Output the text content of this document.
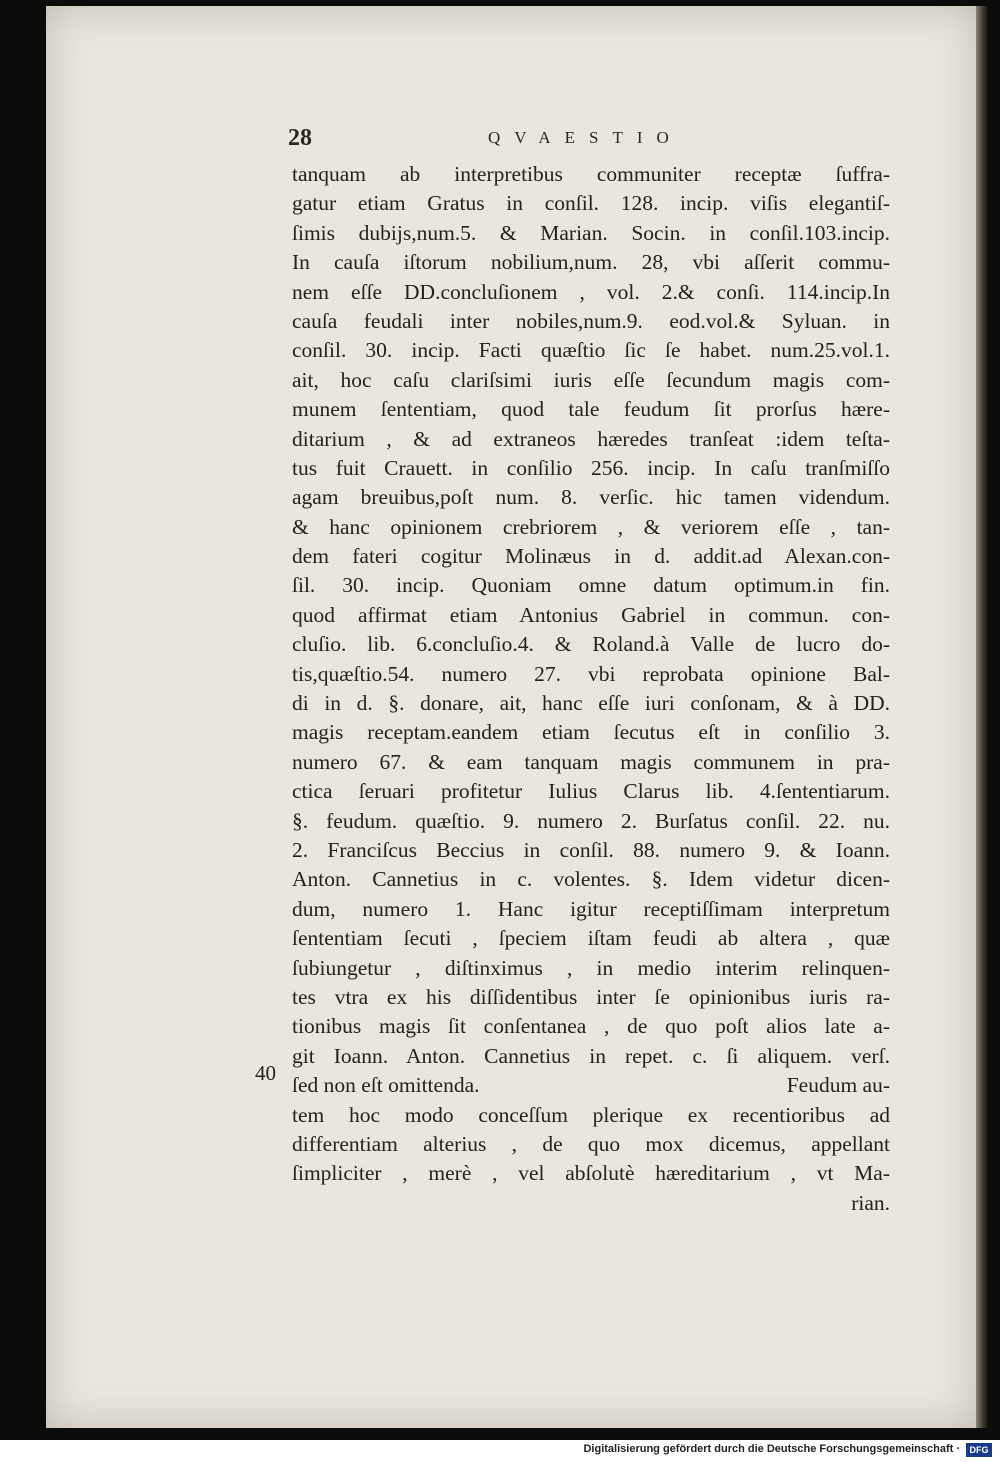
28	QVAESTIO
40
tanquam ab interpretibus communiter receptæ ſuffra-
gatur etiam Gratus in conſil. 128. incip. viſis elegantiſ-
ſimis dubijs,num.5. & Marian. Socin. in conſil.103.incip.
In cauſa iſtorum nobilium,num. 28, vbi aſſerit commu-
nem eſſe DD.concluſionem , vol. 2.& conſi. 114.incip.In
cauſa feudali inter nobiles,num.9. eod.vol.& Syluan. in
conſil. 30. incip. Facti quæſtio ſic ſe habet. num.25.vol.1.
ait, hoc caſu clariſsimi iuris eſſe ſecundum magis com-
munem ſententiam, quod tale feudum ſit prorſus hære-
ditarium , & ad extraneos hæredes tranſeat :idem teſta-
tus fuit Crauett. in conſilio 256. incip. In caſu tranſmiſſo
agam breuibus,poſt num. 8. verſic. hic tamen videndum.
& hanc opinionem crebriorem , & veriorem eſſe , tan-
dem fateri cogitur Molinæus in d. addit.ad Alexan.con-
ſil. 30. incip. Quoniam omne datum optimum.in fin.
quod affirmat etiam Antonius Gabriel in commun. con-
cluſio. lib. 6.concluſio.4. & Roland.à Valle de lucro do-
tis,quæſtio.54. numero 27. vbi reprobata opinione Bal-
di in d. §. donare, ait, hanc eſſe iuri conſonam, & à DD.
magis receptam.eandem etiam ſecutus eſt in conſilio 3.
numero 67. & eam tanquam magis communem in pra-
ctica ſeruari profitetur Iulius Clarus lib. 4.ſententiarum.
§. feudum. quæſtio. 9. numero 2. Burſatus conſil. 22. nu.
2. Franciſcus Beccius in conſil. 88. numero 9. & Ioann.
Anton. Cannetius in c. volentes. §. Idem videtur dicen-
dum, numero 1. Hanc igitur receptiſſimam interpretum
ſententiam ſecuti , ſpeciem iſtam feudi ab altera , quæ
ſubiungetur , diſtinximus , in medio interim relinquen-
tes vtra ex his diſſidentibus inter ſe opinionibus iuris ra-
tionibus magis ſit conſentanea , de quo poſt alios late a-
git Ioann. Anton. Cannetius in repet. c. ſi aliquem. verſ.
ſed non eſt omittenda.	Feudum au-
tem hoc modo conceſſum plerique ex recentioribus ad
differentiam alterius , de quo mox dicemus, appellant
ſimpliciter , merè , vel abſolutè hæreditarium , vt Ma-
rian.
Digitalisierung gefördert durch die Deutsche Forschungsgemeinschaft ·	DFG
